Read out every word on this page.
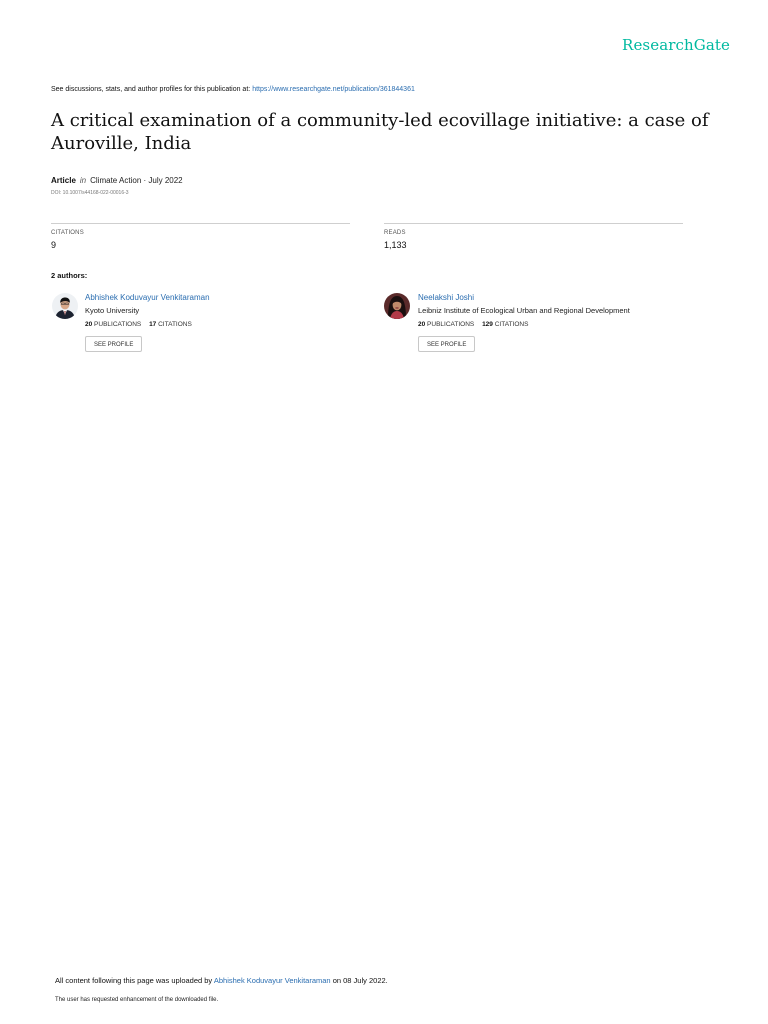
ResearchGate
See discussions, stats, and author profiles for this publication at: https://www.researchgate.net/publication/361844361
A critical examination of a community-led ecovillage initiative: a case of Auroville, India
Article in Climate Action · July 2022
DOI: 10.1007/s44168-022-00016-3
CITATIONS
9
READS
1,133
2 authors:
Abhishek Koduvayur Venkitaraman
Kyoto University
20 PUBLICATIONS 17 CITATIONS
SEE PROFILE
Neelakshi Joshi
Leibniz Institute of Ecological Urban and Regional Development
20 PUBLICATIONS 129 CITATIONS
SEE PROFILE
All content following this page was uploaded by Abhishek Koduvayur Venkitaraman on 08 July 2022.
The user has requested enhancement of the downloaded file.
